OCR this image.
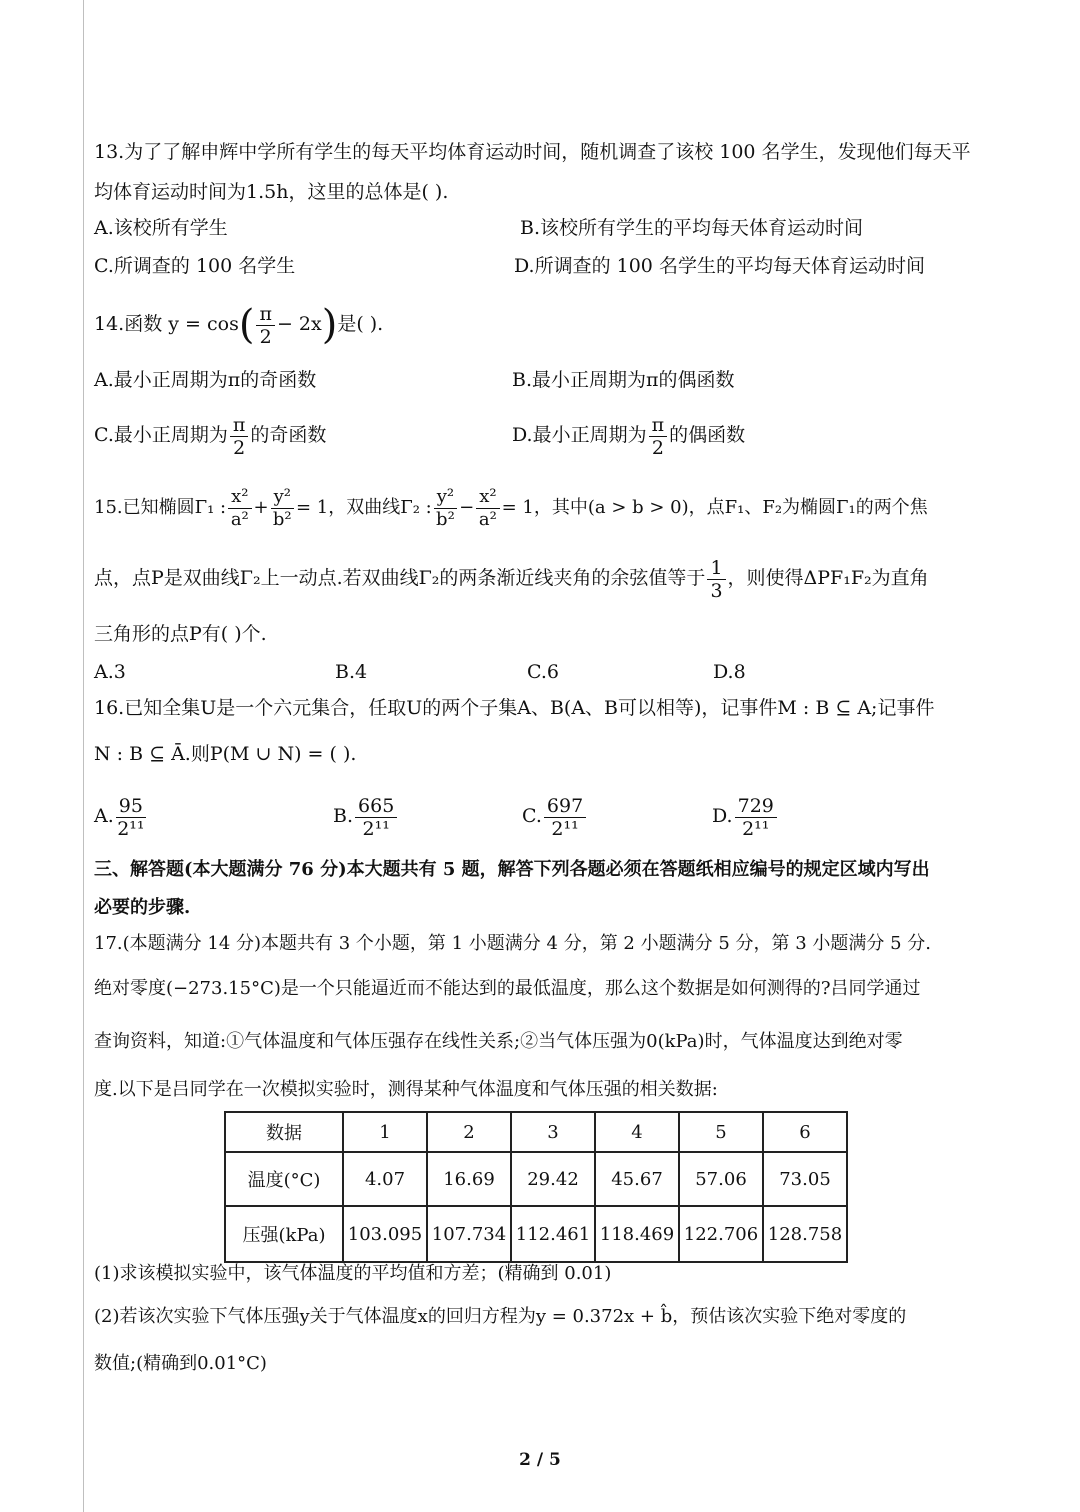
13.为了了解申辉中学所有学生的每天平均体育运动时间，随机调查了该校 100 名学生，发现他们每天平
均体育运动时间为1.5h，这里的总体是( ).
A.该校所有学生	B.该校所有学生的平均每天体育运动时间
C.所调查的 100 名学生	D.所调查的 100 名学生的平均每天体育运动时间
14.函数 $y = \cos( \frac{\pi}{2} - 2x)$是( ).
A.最小正周期为π的奇函数	B.最小正周期为π的偶函数
C.最小正周期为 $\frac{\pi}{2}$ 的奇函数	D.最小正周期为 $\frac{\pi}{2}$ 的偶函数
15.已知椭圆Γ₁ : $\frac{\text{x²}}{\text{a²}} + \frac{\text{y²}}{\text{b²}} = 1$，双曲线Γ₂ : $\frac{\text{y²}}{\text{b²}} - \frac{\text{x²}}{\text{a²}} = 1$，其中(a > b > 0)，点F₁、F₂为椭圆Γ₁的两个焦
点，点P是双曲线Γ₂上一动点.若双曲线Γ₂的两条渐近线夹角的余弦值等于 $\frac{1}{3}$ ，则使得ΔPF₁F₂为直角
三角形的点P有( )个.
A.3	B.4	C.6	D.8
16.已知全集U是一个六元集合，任取U的两个子集A、B(A、B可以相等)，记事件M : B ⊆ A;记事件
N : B ⊆ Ā.则P(M ∪ N) = ( ).
A. $\frac{95}{\text{2¹¹}}$	B. $\frac{665}{\text{2¹¹}}$	C. $\frac{697}{\text{2¹¹}}$	D. $\frac{729}{\text{2¹¹}}$
三、解答题(本大题满分 76 分)本大题共有 5 题，解答下列各题必须在答题纸相应编号的规定区域内写出
必要的步骤.
17.(本题满分 14 分)本题共有 3 个小题，第 1 小题满分 4 分，第 2 小题满分 5 分，第 3 小题满分 5 分.
绝对零度(−273.15°C)是一个只能逼近而不能达到的最低温度，那么这个数据是如何测得的?吕同学通过
查询资料，知道:①气体温度和气体压强存在线性关系;②当气体压强为0(kPa)时，气体温度达到绝对零
度.以下是吕同学在一次模拟实验时，测得某种气体温度和气体压强的相关数据:
数据	1	2	3	4	5	6
温度(°C)	4.07	16.69	29.42	45.67	57.06	73.05
压强(kPa)	103.095	107.734	112.461	118.469	122.706	128.758
(1)求该模拟实验中，该气体温度的平均值和方差；(精确到 0.01)
(2)若该次实验下气体压强y关于气体温度x的回归方程为y = 0.372x + b̂，预估该次实验下绝对零度的
数值;(精确到0.01°C)
2 / 5
